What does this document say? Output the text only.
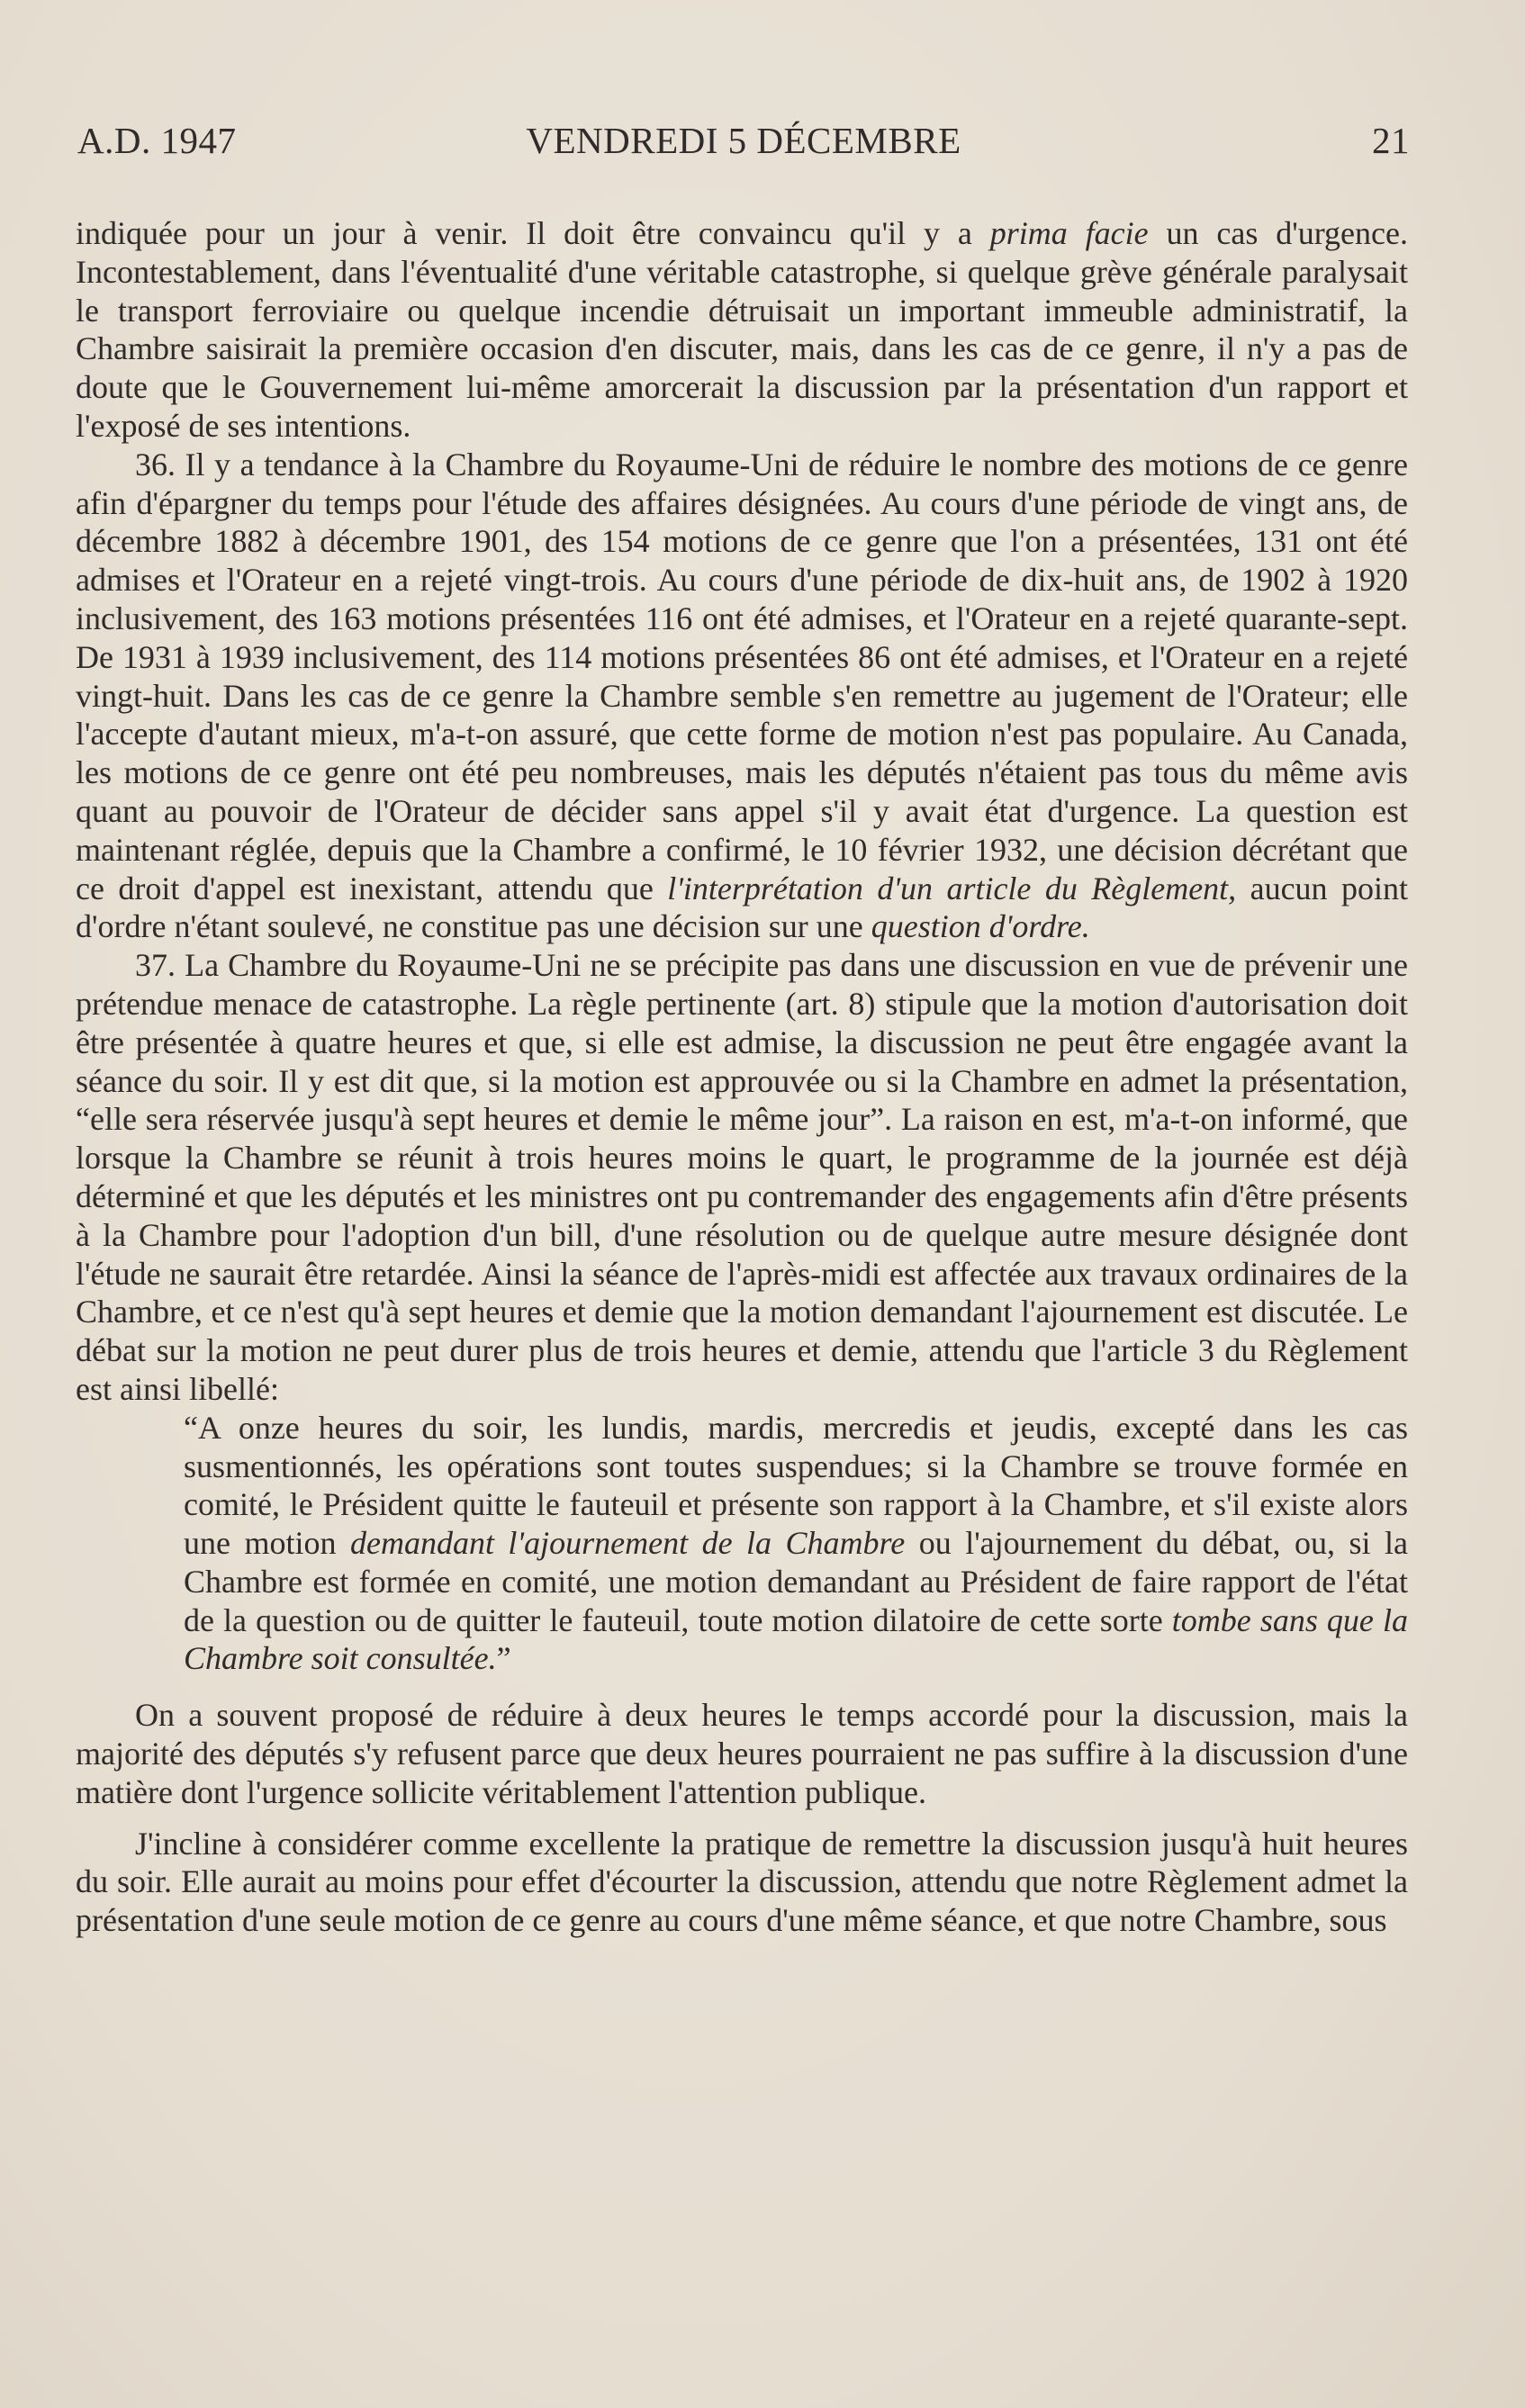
A.D. 1947	VENDREDI 5 DÉCEMBRE	21

indiquée pour un jour à venir. Il doit être convaincu qu'il y a prima facie un cas d'urgence. Incontestablement, dans l'éventualité d'une véritable catastrophe, si quelque grève générale paralysait le transport ferroviaire ou quelque incendie détruisait un important immeuble administratif, la Chambre saisirait la première occasion d'en discuter, mais, dans les cas de ce genre, il n'y a pas de doute que le Gouvernement lui-même amorcerait la discussion par la présentation d'un rapport et l'exposé de ses intentions.

36. Il y a tendance à la Chambre du Royaume-Uni de réduire le nombre des motions de ce genre afin d'épargner du temps pour l'étude des affaires désignées. Au cours d'une période de vingt ans, de décembre 1882 à décembre 1901, des 154 motions de ce genre que l'on a présentées, 131 ont été admises et l'Orateur en a rejeté vingt-trois. Au cours d'une période de dix-huit ans, de 1902 à 1920 inclusivement, des 163 motions présentées 116 ont été admises, et l'Orateur en a rejeté quarante-sept. De 1931 à 1939 inclusivement, des 114 motions présentées 86 ont été admises, et l'Orateur en a rejeté vingt-huit. Dans les cas de ce genre la Chambre semble s'en remettre au jugement de l'Orateur; elle l'accepte d'autant mieux, m'a-t-on assuré, que cette forme de motion n'est pas populaire. Au Canada, les motions de ce genre ont été peu nombreuses, mais les députés n'étaient pas tous du même avis quant au pouvoir de l'Orateur de décider sans appel s'il y avait état d'urgence. La question est maintenant réglée, depuis que la Chambre a confirmé, le 10 février 1932, une décision décrétant que ce droit d'appel est inexistant, attendu que l'interprétation d'un article du Règlement, aucun point d'ordre n'étant soulevé, ne constitue pas une décision sur une question d'ordre.

37. La Chambre du Royaume-Uni ne se précipite pas dans une discussion en vue de prévenir une prétendue menace de catastrophe. La règle pertinente (art. 8) stipule que la motion d'autorisation doit être présentée à quatre heures et que, si elle est admise, la discussion ne peut être engagée avant la séance du soir. Il y est dit que, si la motion est approuvée ou si la Chambre en admet la présentation, “elle sera réservée jusqu'à sept heures et demie le même jour”. La raison en est, m'a-t-on informé, que lorsque la Chambre se réunit à trois heures moins le quart, le programme de la journée est déjà déterminé et que les députés et les ministres ont pu contremander des engagements afin d'être présents à la Chambre pour l'adoption d'un bill, d'une résolution ou de quelque autre mesure désignée dont l'étude ne saurait être retardée. Ainsi la séance de l'après-midi est affectée aux travaux ordinaires de la Chambre, et ce n'est qu'à sept heures et demie que la motion demandant l'ajournement est discutée. Le débat sur la motion ne peut durer plus de trois heures et demie, attendu que l'article 3 du Règlement est ainsi libellé:

“A onze heures du soir, les lundis, mardis, mercredis et jeudis, excepté dans les cas susmentionnés, les opérations sont toutes suspendues; si la Chambre se trouve formée en comité, le Président quitte le fauteuil et présente son rapport à la Chambre, et s'il existe alors une motion demandant l'ajournement de la Chambre ou l'ajournement du débat, ou, si la Chambre est formée en comité, une motion demandant au Président de faire rapport de l'état de la question ou de quitter le fauteuil, toute motion dilatoire de cette sorte tombe sans que la Chambre soit consultée.”

On a souvent proposé de réduire à deux heures le temps accordé pour la discussion, mais la majorité des députés s'y refusent parce que deux heures pourraient ne pas suffire à la discussion d'une matière dont l'urgence sollicite véritablement l'attention publique.

J'incline à considérer comme excellente la pratique de remettre la discussion jusqu'à huit heures du soir. Elle aurait au moins pour effet d'écourter la discussion, attendu que notre Règlement admet la présentation d'une seule motion de ce genre au cours d'une même séance, et que notre Chambre, sous
